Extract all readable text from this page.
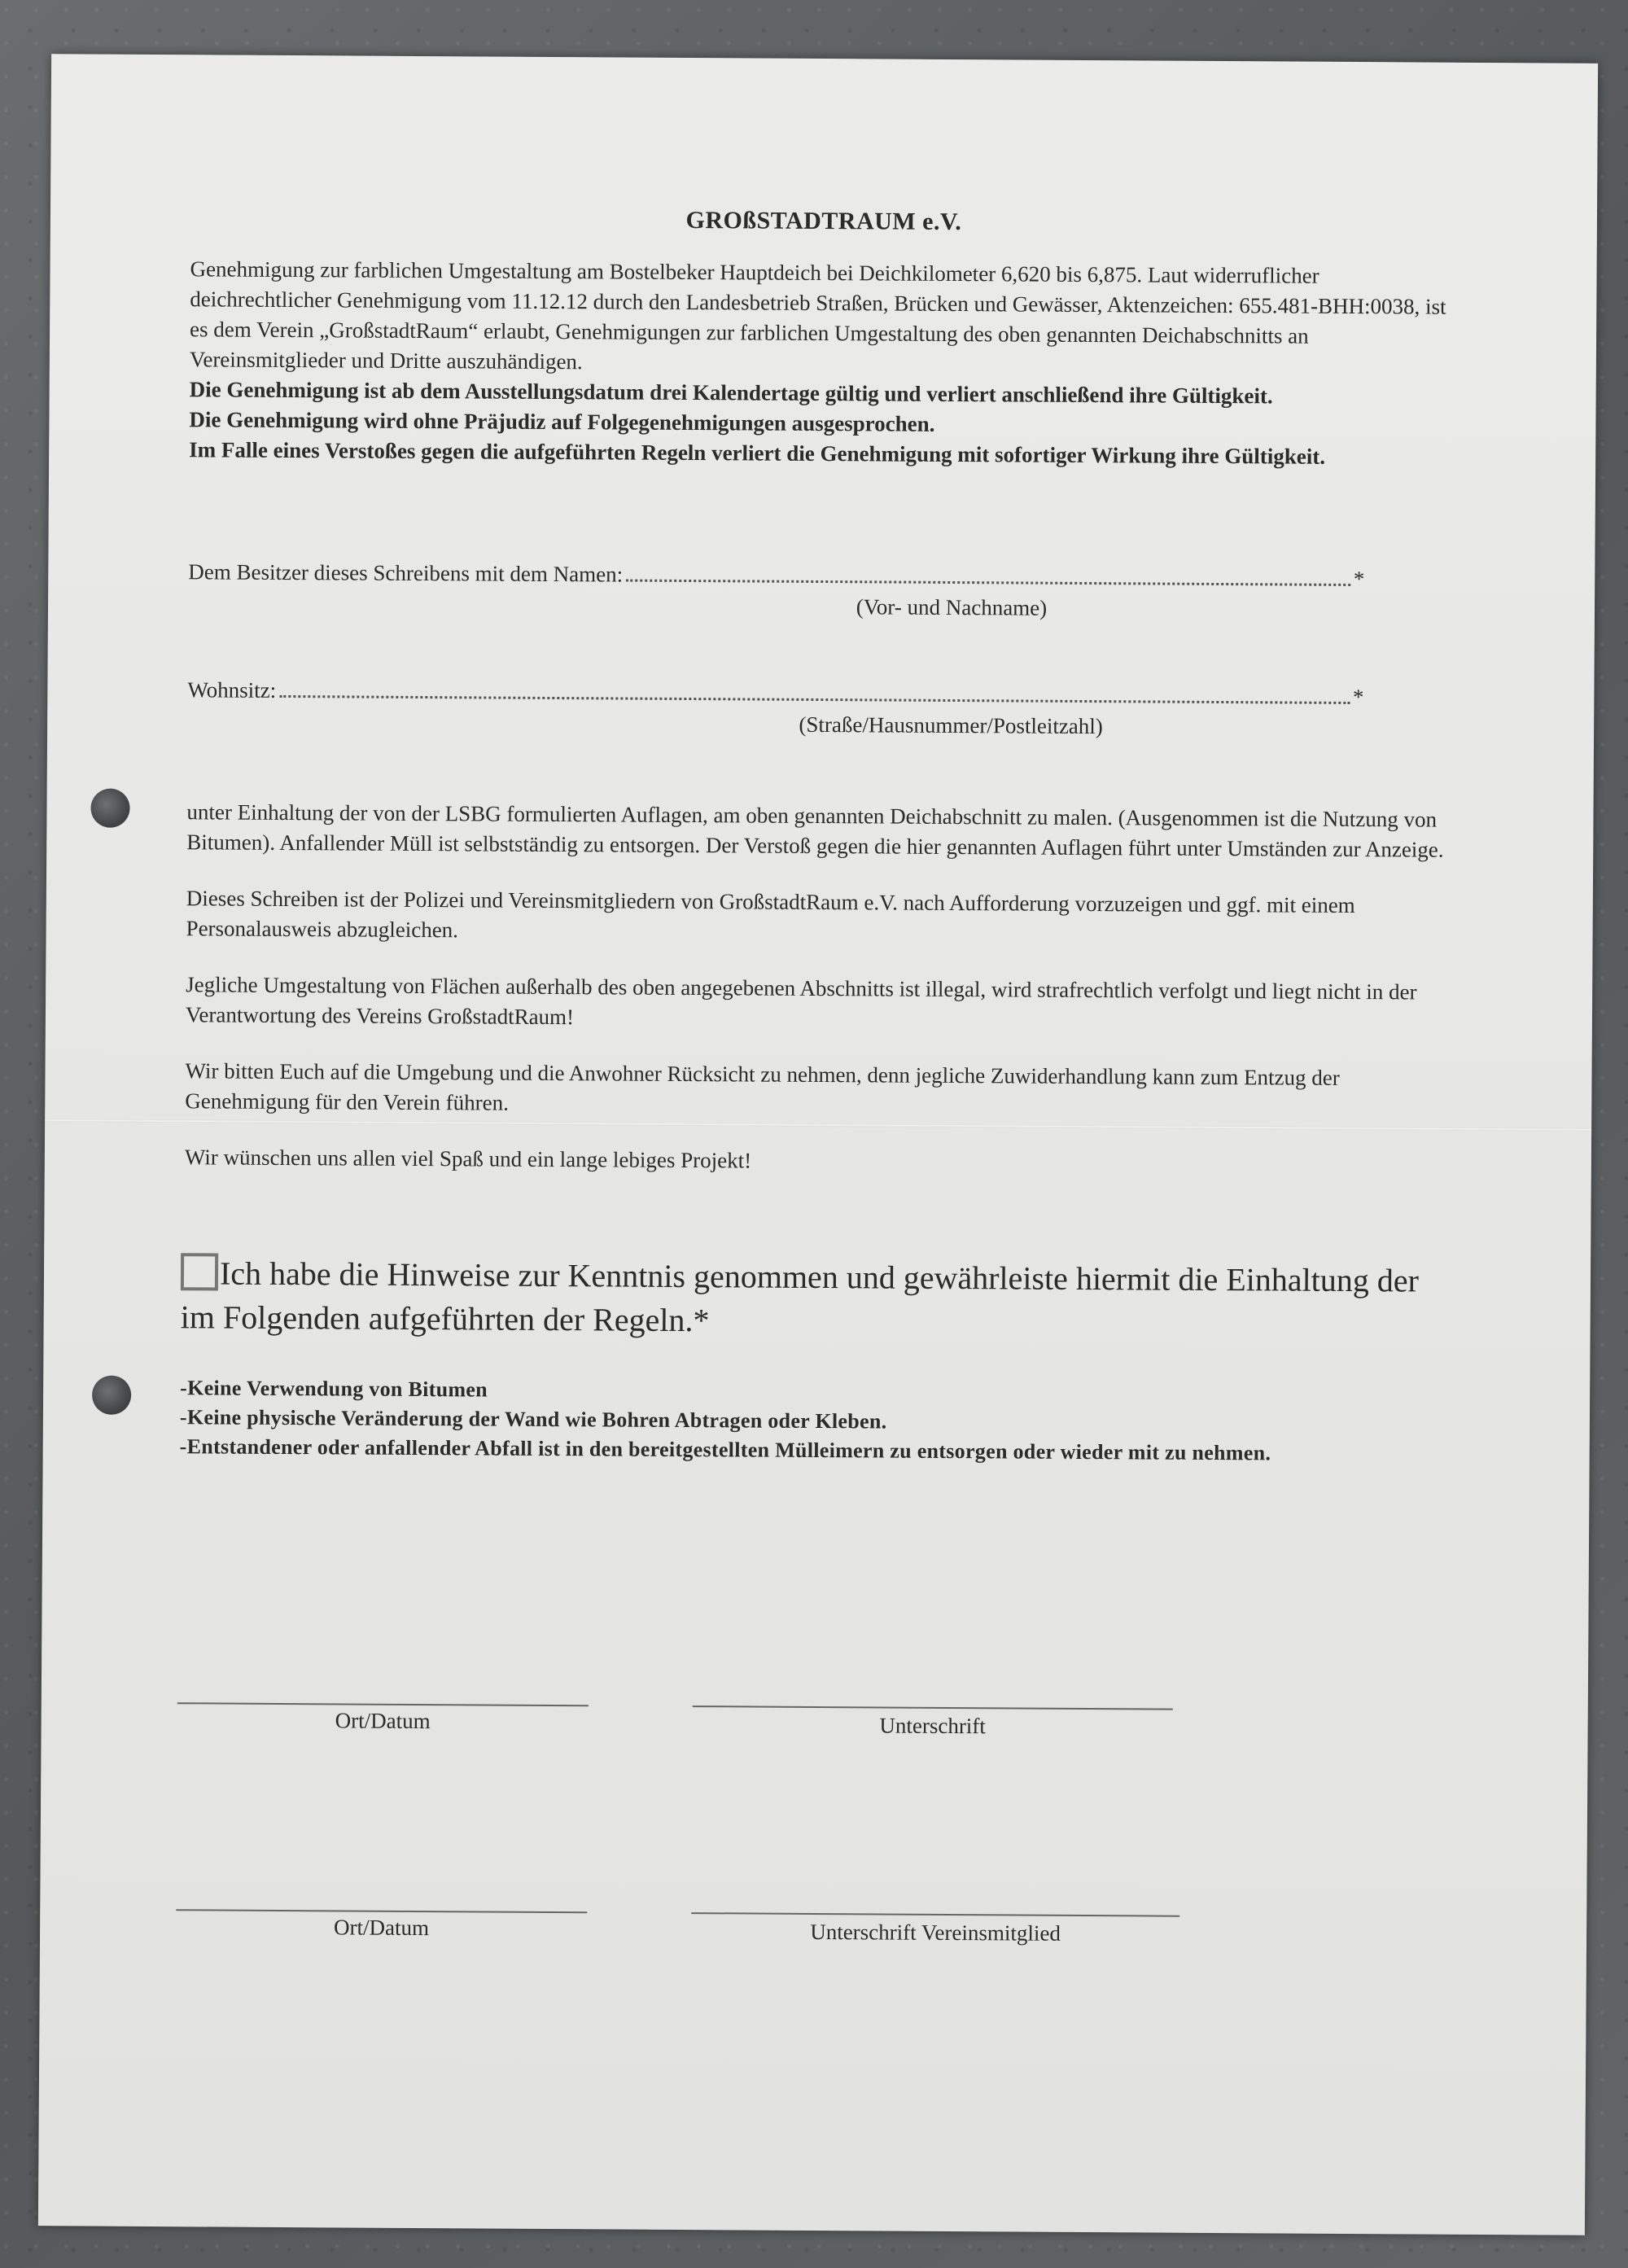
GROßSTADTRAUM e.V.
Genehmigung zur farblichen Umgestaltung am Bostelbeker Hauptdeich bei Deichkilometer 6,620 bis 6,875. Laut widerruflicher deichrechtlicher Genehmigung vom 11.12.12 durch den Landesbetrieb Straßen, Brücken und Gewässer, Aktenzeichen: 655.481-BHH:0038, ist es dem Verein „GroßstadtRaum“ erlaubt, Genehmigungen zur farblichen Umgestaltung des oben genannten Deichabschnitts an Vereinsmitglieder und Dritte auszuhändigen.
Die Genehmigung ist ab dem Ausstellungsdatum drei Kalendertage gültig und verliert anschließend ihre Gültigkeit.
Die Genehmigung wird ohne Präjudiz auf Folgegenehmigungen ausgesprochen.
Im Falle eines Verstoßes gegen die aufgeführten Regeln verliert die Genehmigung mit sofortiger Wirkung ihre Gültigkeit.
Dem Besitzer dieses Schreibens mit dem Namen:	*
(Vor- und Nachname)
Wohnsitz:	*
(Straße/Hausnummer/Postleitzahl)

unter Einhaltung der von der LSBG formulierten Auflagen, am oben genannten Deichabschnitt zu malen. (Ausgenommen ist die Nutzung von Bitumen). Anfallender Müll ist selbstständig zu entsorgen. Der Verstoß gegen die hier genannten Auflagen führt unter Umständen zur Anzeige.

Dieses Schreiben ist der Polizei und Vereinsmitgliedern von GroßstadtRaum e.V. nach Aufforderung vorzuzeigen und ggf. mit einem Personalausweis abzugleichen.

Jegliche Umgestaltung von Flächen außerhalb des oben angegebenen Abschnitts ist illegal, wird strafrechtlich verfolgt und liegt nicht in der Verantwortung des Vereins GroßstadtRaum!

Wir bitten Euch auf die Umgebung und die Anwohner Rücksicht zu nehmen, denn jegliche Zuwiderhandlung kann zum Entzug der Genehmigung für den Verein führen.

Wir wünschen uns allen viel Spaß und ein lange lebiges Projekt!

Ich habe die Hinweise zur Kenntnis genommen und gewährleiste hiermit die Einhaltung der im Folgenden aufgeführten der Regeln.*
-Keine Verwendung von Bitumen
-Keine physische Veränderung der Wand wie Bohren Abtragen oder Kleben.
-Entstandener oder anfallender Abfall ist in den bereitgestellten Mülleimern zu entsorgen oder wieder mit zu nehmen.
Ort/Datum	Unterschrift
Ort/Datum	Unterschrift Vereinsmitglied
